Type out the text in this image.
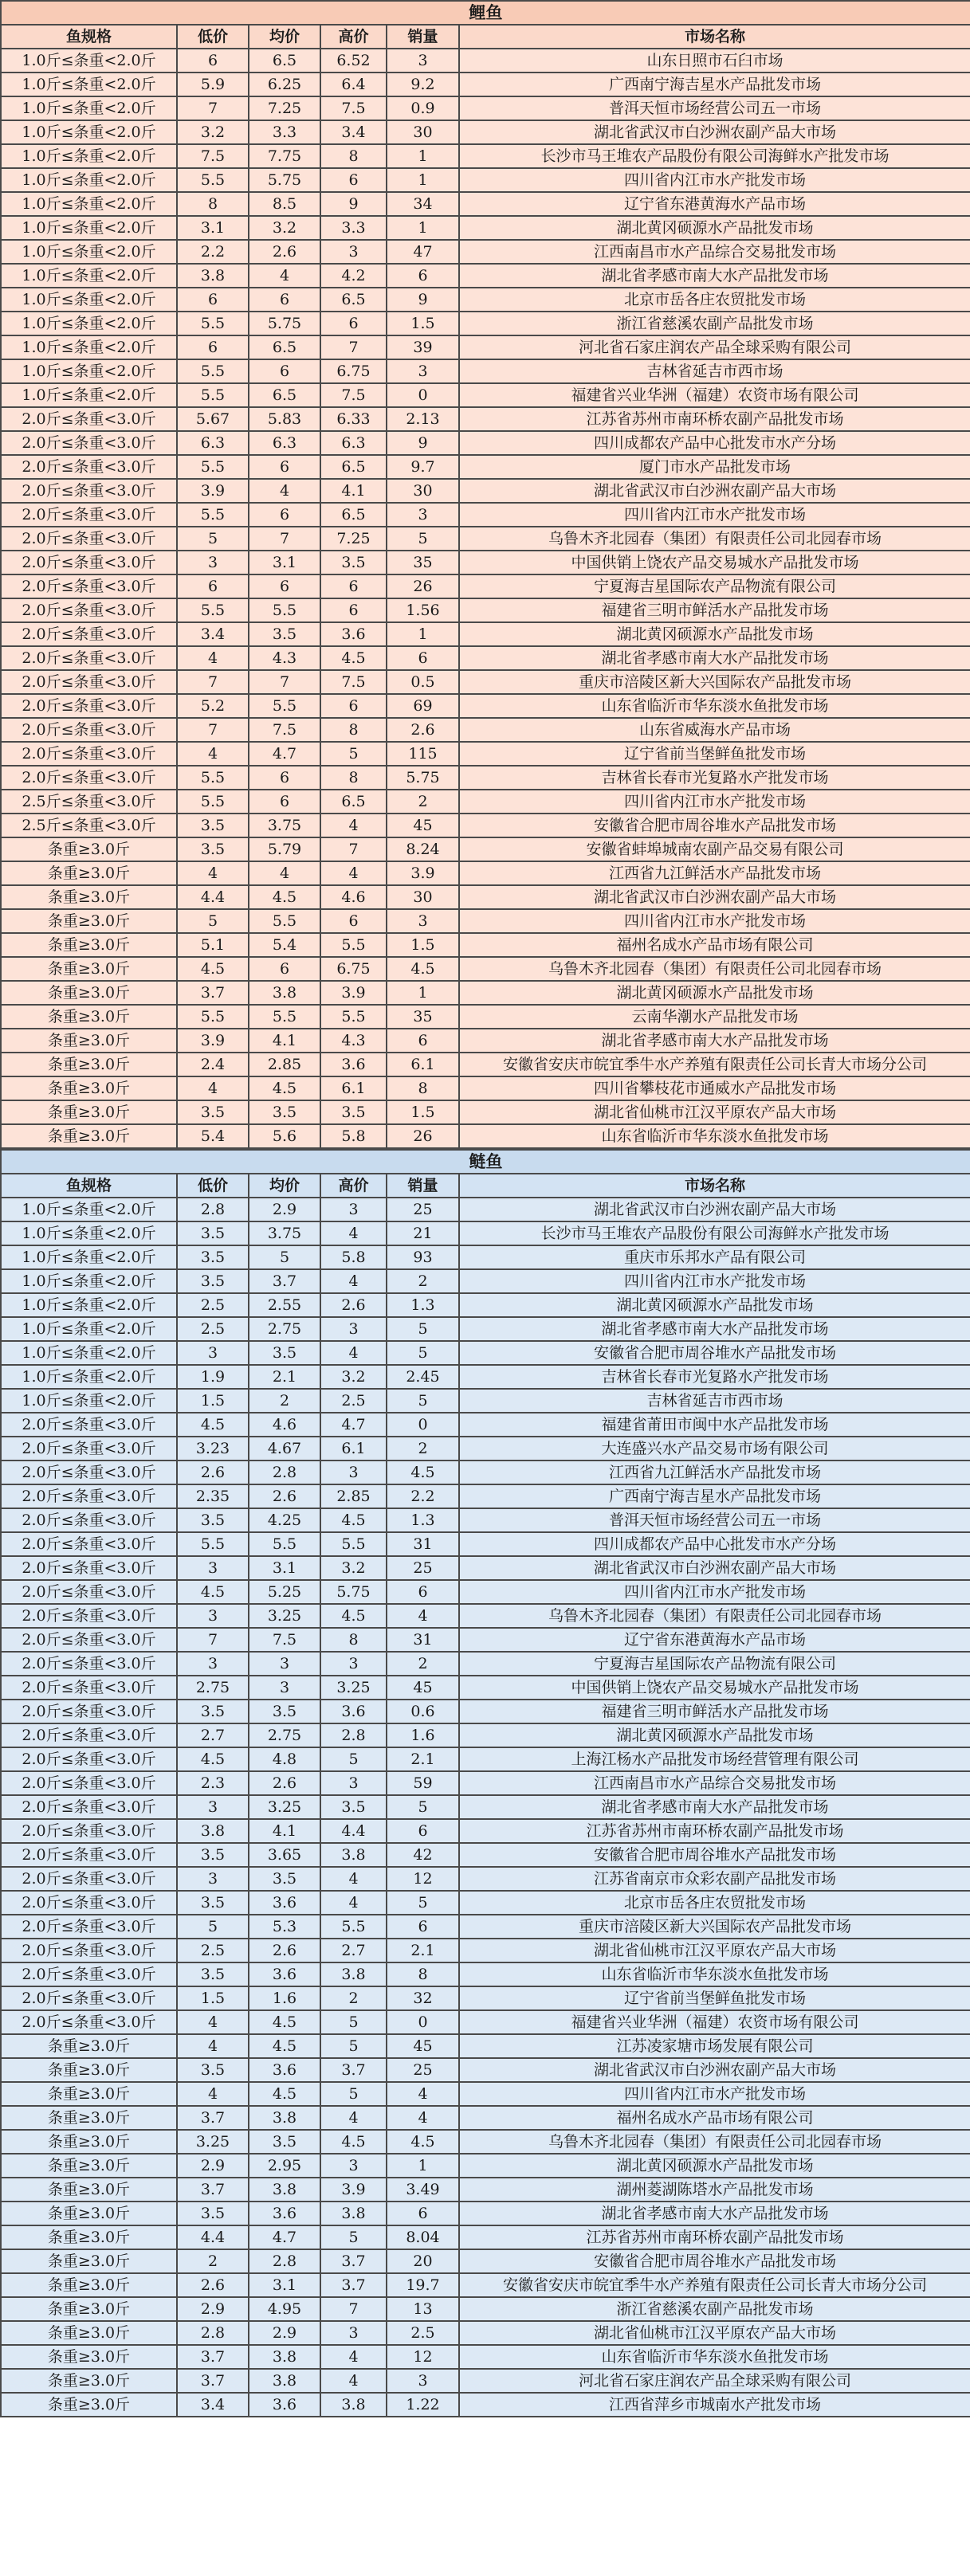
鲤鱼					
鱼规格	低价	均价	高价	销量	市场名称
1.0斤≤条重<2.0斤	6	6.5	6.52	3	山东日照市石臼市场
1.0斤≤条重<2.0斤	5.9	6.25	6.4	9.2	广西南宁海吉星水产品批发市场
1.0斤≤条重<2.0斤	7	7.25	7.5	0.9	普洱天恒市场经营公司五一市场
1.0斤≤条重<2.0斤	3.2	3.3	3.4	30	湖北省武汉市白沙洲农副产品大市场
1.0斤≤条重<2.0斤	7.5	7.75	8	1	长沙市马王堆农产品股份有限公司海鲜水产批发市场
1.0斤≤条重<2.0斤	5.5	5.75	6	1	四川省内江市水产批发市场
1.0斤≤条重<2.0斤	8	8.5	9	34	辽宁省东港黄海水产品市场
1.0斤≤条重<2.0斤	3.1	3.2	3.3	1	湖北黄冈硕源水产品批发市场
1.0斤≤条重<2.0斤	2.2	2.6	3	47	江西南昌市水产品综合交易批发市场
1.0斤≤条重<2.0斤	3.8	4	4.2	6	湖北省孝感市南大水产品批发市场
1.0斤≤条重<2.0斤	6	6	6.5	9	北京市岳各庄农贸批发市场
1.0斤≤条重<2.0斤	5.5	5.75	6	1.5	浙江省慈溪农副产品批发市场
1.0斤≤条重<2.0斤	6	6.5	7	39	河北省石家庄润农产品全球采购有限公司
1.0斤≤条重<2.0斤	5.5	6	6.75	3	吉林省延吉市西市场
1.0斤≤条重<2.0斤	5.5	6.5	7.5	0	福建省兴业华洲（福建）农资市场有限公司
2.0斤≤条重<3.0斤	5.67	5.83	6.33	2.13	江苏省苏州市南环桥农副产品批发市场
2.0斤≤条重<3.0斤	6.3	6.3	6.3	9	四川成都农产品中心批发市水产分场
2.0斤≤条重<3.0斤	5.5	6	6.5	9.7	厦门市水产品批发市场
2.0斤≤条重<3.0斤	3.9	4	4.1	30	湖北省武汉市白沙洲农副产品大市场
2.0斤≤条重<3.0斤	5.5	6	6.5	3	四川省内江市水产批发市场
2.0斤≤条重<3.0斤	5	7	7.25	5	乌鲁木齐北园春（集团）有限责任公司北园春市场
2.0斤≤条重<3.0斤	3	3.1	3.5	35	中国供销上饶农产品交易城水产品批发市场
2.0斤≤条重<3.0斤	6	6	6	26	宁夏海吉星国际农产品物流有限公司
2.0斤≤条重<3.0斤	5.5	5.5	6	1.56	福建省三明市鲜活水产品批发市场
2.0斤≤条重<3.0斤	3.4	3.5	3.6	1	湖北黄冈硕源水产品批发市场
2.0斤≤条重<3.0斤	4	4.3	4.5	6	湖北省孝感市南大水产品批发市场
2.0斤≤条重<3.0斤	7	7	7.5	0.5	重庆市涪陵区新大兴国际农产品批发市场
2.0斤≤条重<3.0斤	5.2	5.5	6	69	山东省临沂市华东淡水鱼批发市场
2.0斤≤条重<3.0斤	7	7.5	8	2.6	山东省威海水产品市场
2.0斤≤条重<3.0斤	4	4.7	5	115	辽宁省前当堡鲜鱼批发市场
2.0斤≤条重<3.0斤	5.5	6	8	5.75	吉林省长春市光复路水产批发市场
2.5斤≤条重<3.0斤	5.5	6	6.5	2	四川省内江市水产批发市场
2.5斤≤条重<3.0斤	3.5	3.75	4	45	安徽省合肥市周谷堆水产品批发市场
条重≥3.0斤	3.5	5.79	7	8.24	安徽省蚌埠城南农副产品交易有限公司
条重≥3.0斤	4	4	4	3.9	江西省九江鲜活水产品批发市场
条重≥3.0斤	4.4	4.5	4.6	30	湖北省武汉市白沙洲农副产品大市场
条重≥3.0斤	5	5.5	6	3	四川省内江市水产批发市场
条重≥3.0斤	5.1	5.4	5.5	1.5	福州名成水产品市场有限公司
条重≥3.0斤	4.5	6	6.75	4.5	乌鲁木齐北园春（集团）有限责任公司北园春市场
条重≥3.0斤	3.7	3.8	3.9	1	湖北黄冈硕源水产品批发市场
条重≥3.0斤	5.5	5.5	5.5	35	云南华潮水产品批发市场
条重≥3.0斤	3.9	4.1	4.3	6	湖北省孝感市南大水产品批发市场
条重≥3.0斤	2.4	2.85	3.6	6.1	安徽省安庆市皖宜季牛水产养殖有限责任公司长青大市场分公司
条重≥3.0斤	4	4.5	6.1	8	四川省攀枝花市通威水产品批发市场
条重≥3.0斤	3.5	3.5	3.5	1.5	湖北省仙桃市江汉平原农产品大市场
条重≥3.0斤	5.4	5.6	5.8	26	山东省临沂市华东淡水鱼批发市场
鲢鱼					
鱼规格	低价	均价	高价	销量	市场名称
1.0斤≤条重<2.0斤	2.8	2.9	3	25	湖北省武汉市白沙洲农副产品大市场
1.0斤≤条重<2.0斤	3.5	3.75	4	21	长沙市马王堆农产品股份有限公司海鲜水产批发市场
1.0斤≤条重<2.0斤	3.5	5	5.8	93	重庆市乐邦水产品有限公司
1.0斤≤条重<2.0斤	3.5	3.7	4	2	四川省内江市水产批发市场
1.0斤≤条重<2.0斤	2.5	2.55	2.6	1.3	湖北黄冈硕源水产品批发市场
1.0斤≤条重<2.0斤	2.5	2.75	3	5	湖北省孝感市南大水产品批发市场
1.0斤≤条重<2.0斤	3	3.5	4	5	安徽省合肥市周谷堆水产品批发市场
1.0斤≤条重<2.0斤	1.9	2.1	3.2	2.45	吉林省长春市光复路水产批发市场
1.0斤≤条重<2.0斤	1.5	2	2.5	5	吉林省延吉市西市场
2.0斤≤条重<3.0斤	4.5	4.6	4.7	0	福建省莆田市闽中水产品批发市场
2.0斤≤条重<3.0斤	3.23	4.67	6.1	2	大连盛兴水产品交易市场有限公司
2.0斤≤条重<3.0斤	2.6	2.8	3	4.5	江西省九江鲜活水产品批发市场
2.0斤≤条重<3.0斤	2.35	2.6	2.85	2.2	广西南宁海吉星水产品批发市场
2.0斤≤条重<3.0斤	3.5	4.25	4.5	1.3	普洱天恒市场经营公司五一市场
2.0斤≤条重<3.0斤	5.5	5.5	5.5	31	四川成都农产品中心批发市水产分场
2.0斤≤条重<3.0斤	3	3.1	3.2	25	湖北省武汉市白沙洲农副产品大市场
2.0斤≤条重<3.0斤	4.5	5.25	5.75	6	四川省内江市水产批发市场
2.0斤≤条重<3.0斤	3	3.25	4.5	4	乌鲁木齐北园春（集团）有限责任公司北园春市场
2.0斤≤条重<3.0斤	7	7.5	8	31	辽宁省东港黄海水产品市场
2.0斤≤条重<3.0斤	3	3	3	2	宁夏海吉星国际农产品物流有限公司
2.0斤≤条重<3.0斤	2.75	3	3.25	45	中国供销上饶农产品交易城水产品批发市场
2.0斤≤条重<3.0斤	3.5	3.5	3.6	0.6	福建省三明市鲜活水产品批发市场
2.0斤≤条重<3.0斤	2.7	2.75	2.8	1.6	湖北黄冈硕源水产品批发市场
2.0斤≤条重<3.0斤	4.5	4.8	5	2.1	上海江杨水产品批发市场经营管理有限公司
2.0斤≤条重<3.0斤	2.3	2.6	3	59	江西南昌市水产品综合交易批发市场
2.0斤≤条重<3.0斤	3	3.25	3.5	5	湖北省孝感市南大水产品批发市场
2.0斤≤条重<3.0斤	3.8	4.1	4.4	6	江苏省苏州市南环桥农副产品批发市场
2.0斤≤条重<3.0斤	3.5	3.65	3.8	42	安徽省合肥市周谷堆水产品批发市场
2.0斤≤条重<3.0斤	3	3.5	4	12	江苏省南京市众彩农副产品批发市场
2.0斤≤条重<3.0斤	3.5	3.6	4	5	北京市岳各庄农贸批发市场
2.0斤≤条重<3.0斤	5	5.3	5.5	6	重庆市涪陵区新大兴国际农产品批发市场
2.0斤≤条重<3.0斤	2.5	2.6	2.7	2.1	湖北省仙桃市江汉平原农产品大市场
2.0斤≤条重<3.0斤	3.5	3.6	3.8	8	山东省临沂市华东淡水鱼批发市场
2.0斤≤条重<3.0斤	1.5	1.6	2	32	辽宁省前当堡鲜鱼批发市场
2.0斤≤条重<3.0斤	4	4.5	5	0	福建省兴业华洲（福建）农资市场有限公司
条重≥3.0斤	4	4.5	5	45	江苏凌家塘市场发展有限公司
条重≥3.0斤	3.5	3.6	3.7	25	湖北省武汉市白沙洲农副产品大市场
条重≥3.0斤	4	4.5	5	4	四川省内江市水产批发市场
条重≥3.0斤	3.7	3.8	4	4	福州名成水产品市场有限公司
条重≥3.0斤	3.25	3.5	4.5	4.5	乌鲁木齐北园春（集团）有限责任公司北园春市场
条重≥3.0斤	2.9	2.95	3	1	湖北黄冈硕源水产品批发市场
条重≥3.0斤	3.7	3.8	3.9	3.49	湖州菱湖陈塔水产品批发市场
条重≥3.0斤	3.5	3.6	3.8	6	湖北省孝感市南大水产品批发市场
条重≥3.0斤	4.4	4.7	5	8.04	江苏省苏州市南环桥农副产品批发市场
条重≥3.0斤	2	2.8	3.7	20	安徽省合肥市周谷堆水产品批发市场
条重≥3.0斤	2.6	3.1	3.7	19.7	安徽省安庆市皖宜季牛水产养殖有限责任公司长青大市场分公司
条重≥3.0斤	2.9	4.95	7	13	浙江省慈溪农副产品批发市场
条重≥3.0斤	2.8	2.9	3	2.5	湖北省仙桃市江汉平原农产品大市场
条重≥3.0斤	3.7	3.8	4	12	山东省临沂市华东淡水鱼批发市场
条重≥3.0斤	3.7	3.8	4	3	河北省石家庄润农产品全球采购有限公司
条重≥3.0斤	3.4	3.6	3.8	1.22	江西省萍乡市城南水产批发市场
